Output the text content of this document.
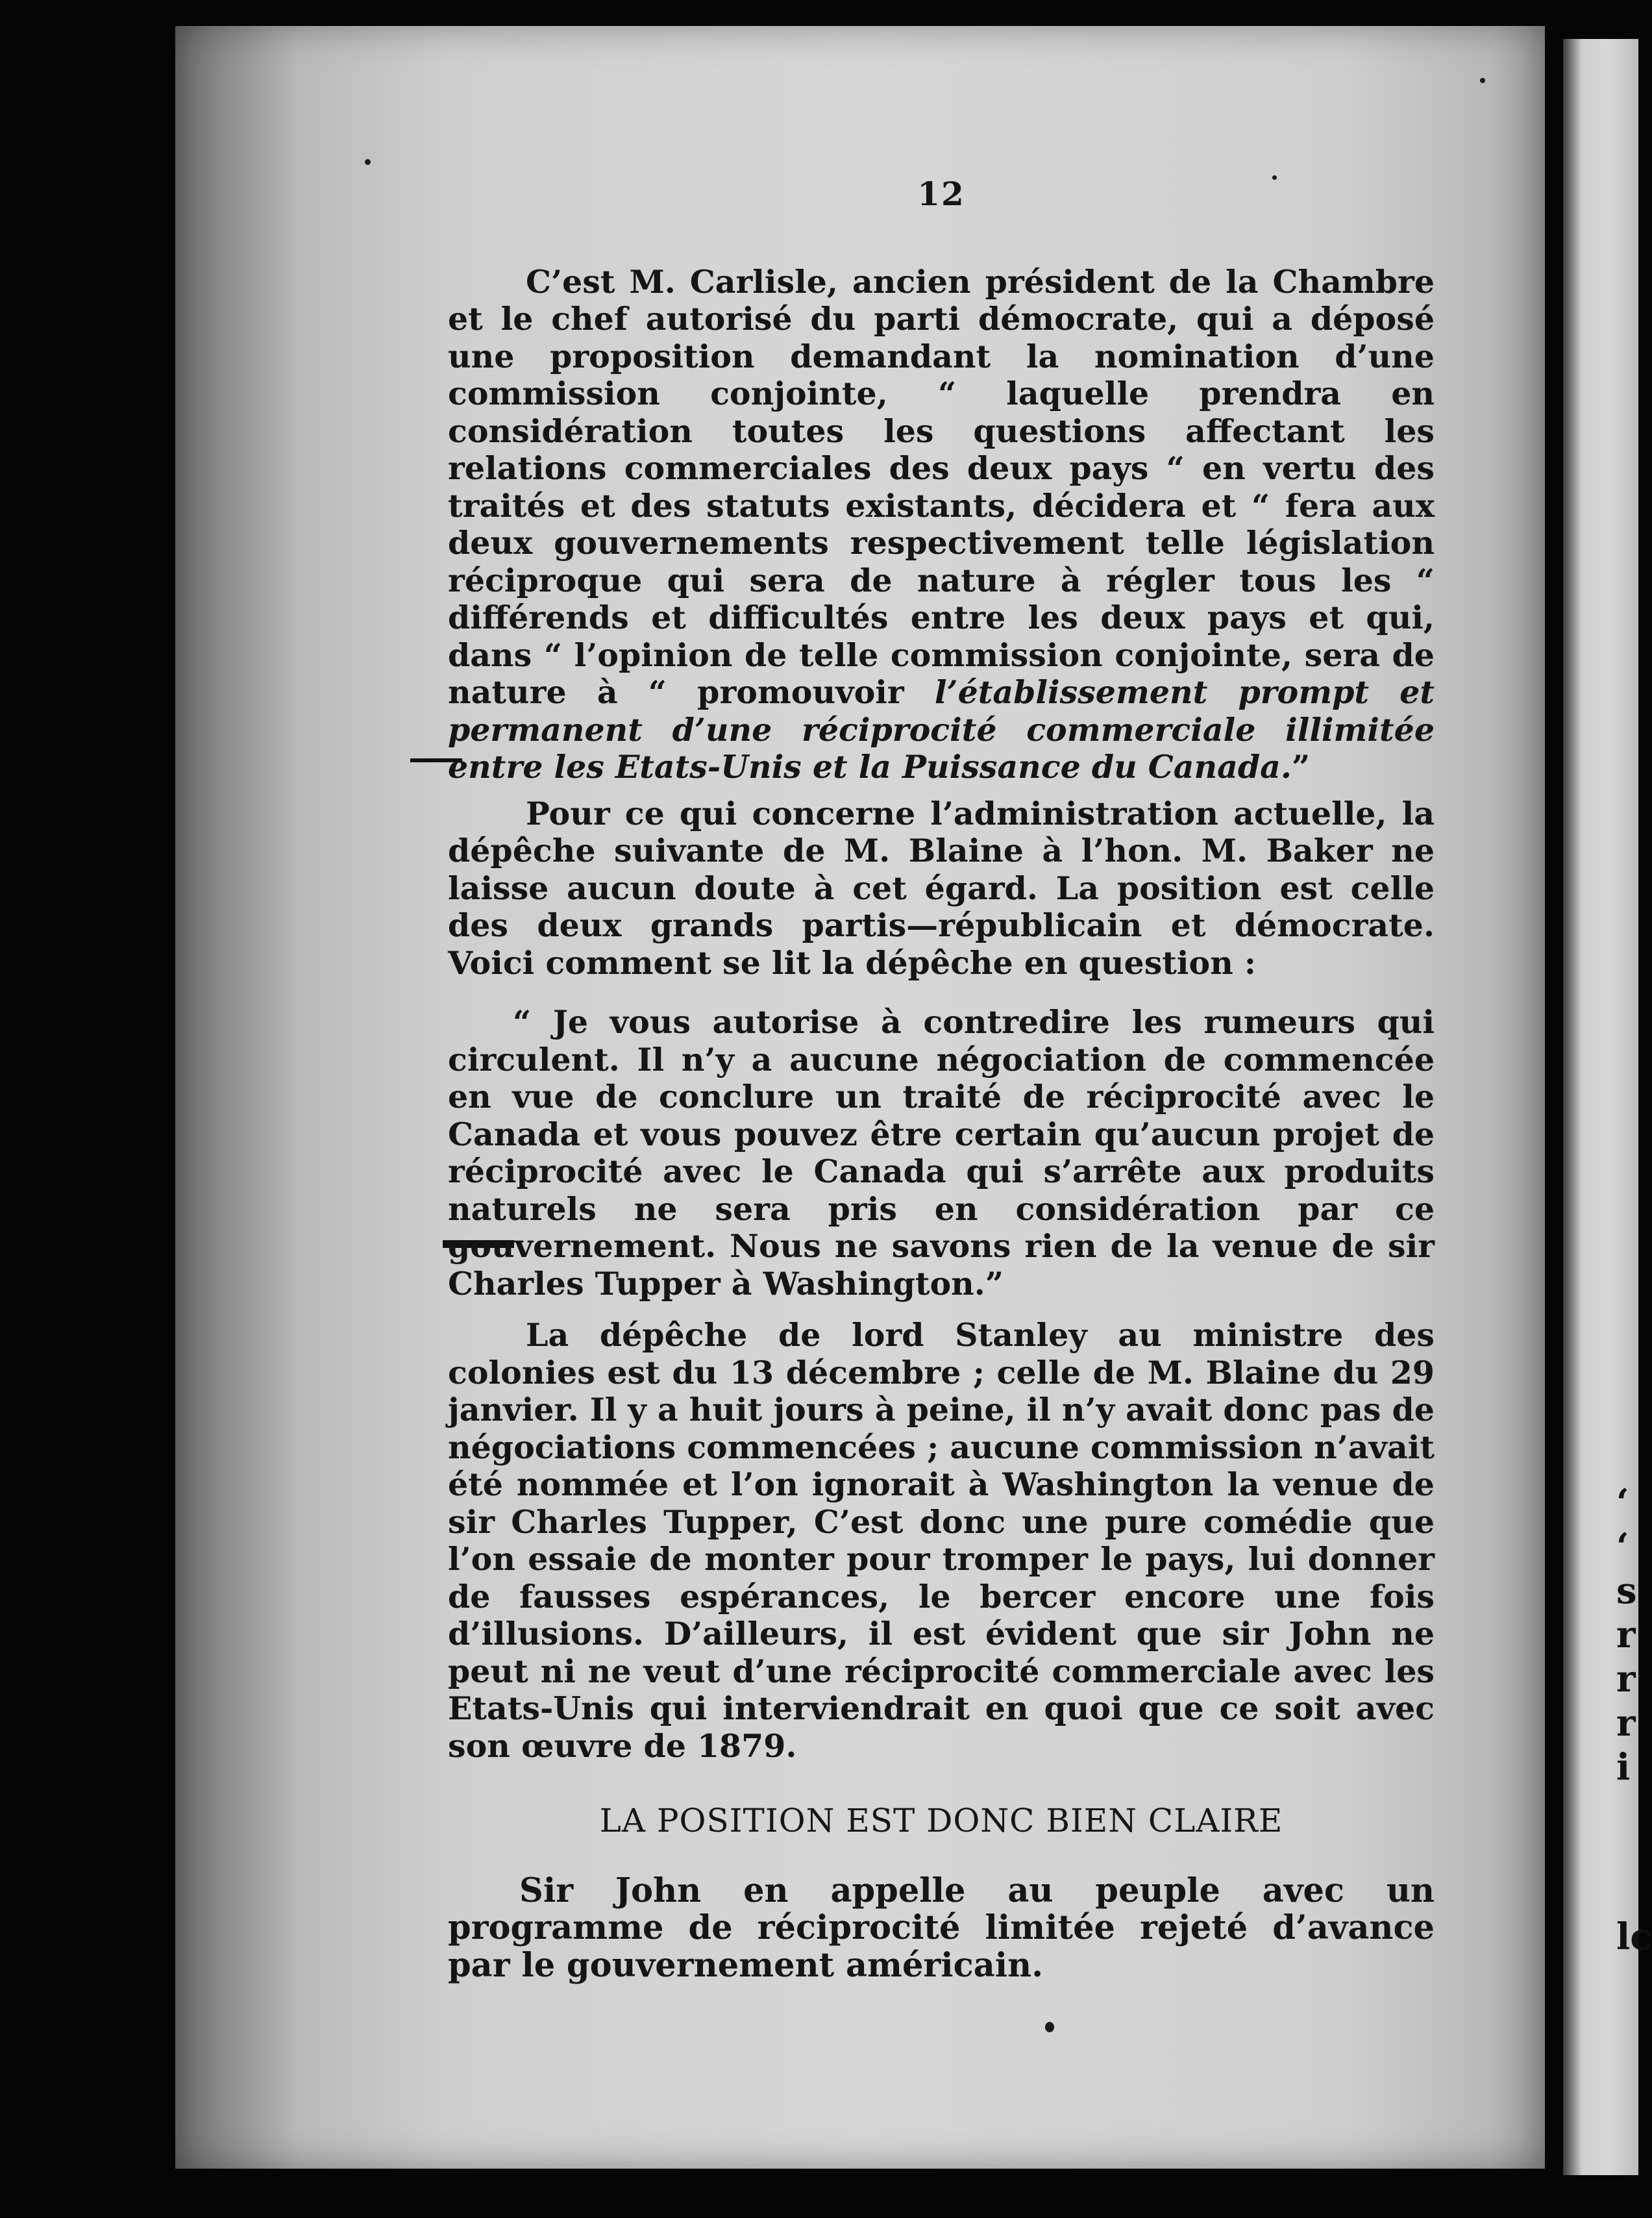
‘
‘
s
r
r
r
i
lc
12

C’est M. Carlisle, ancien président de la Chambre et le chef autorisé du parti démocrate, qui a déposé une proposition demandant la nomination d’une commission conjointe, “ laquelle prendra en considération toutes les questions affectant les relations commerciales des deux pays “ en vertu des traités et des statuts existants, décidera et “ fera aux deux gouvernements respectivement telle législation réciproque qui sera de nature à régler tous les “ différends et difficultés entre les deux pays et qui, dans “ l’opinion de telle commission conjointe, sera de nature à “ promouvoir l’établissement prompt et permanent d’une réciprocité commerciale illimitée entre les Etats-Unis et la Puissance du Canada.”

Pour ce qui concerne l’administration actuelle, la dépêche suivante de M. Blaine à l’hon. M. Baker ne laisse aucun doute à cet égard. La position est celle des deux grands partis—républicain et démocrate. Voici comment se lit la dépêche en question :

“ Je vous autorise à contredire les rumeurs qui circulent. Il n’y a aucune négociation de commencée en vue de conclure un traité de réciprocité avec le Canada et vous pouvez être certain qu’aucun projet de réciprocité avec le Canada qui s’arrête aux produits naturels ne sera pris en considération par ce gouvernement. Nous ne savons rien de la venue de sir Charles Tupper à Washington.”

La dépêche de lord Stanley au ministre des colonies est du 13 décembre ; celle de M. Blaine du 29 janvier. Il y a huit jours à peine, il n’y avait donc pas de négociations commencées ; aucune commission n’avait été nommée et l’on ignorait à Washington la venue de sir Charles Tupper, C’est donc une pure comédie que l’on essaie de monter pour tromper le pays, lui donner de fausses espérances, le bercer encore une fois d’illusions. D’ailleurs, il est évident que sir John ne peut ni ne veut d’une réciprocité commerciale avec les Etats-Unis qui interviendrait en quoi que ce soit avec son œuvre de 1879.

LA POSITION EST DONC BIEN CLAIRE

Sir John en appelle au peuple avec un programme de réciprocité limitée rejeté d’avance par le gouvernement américain.
